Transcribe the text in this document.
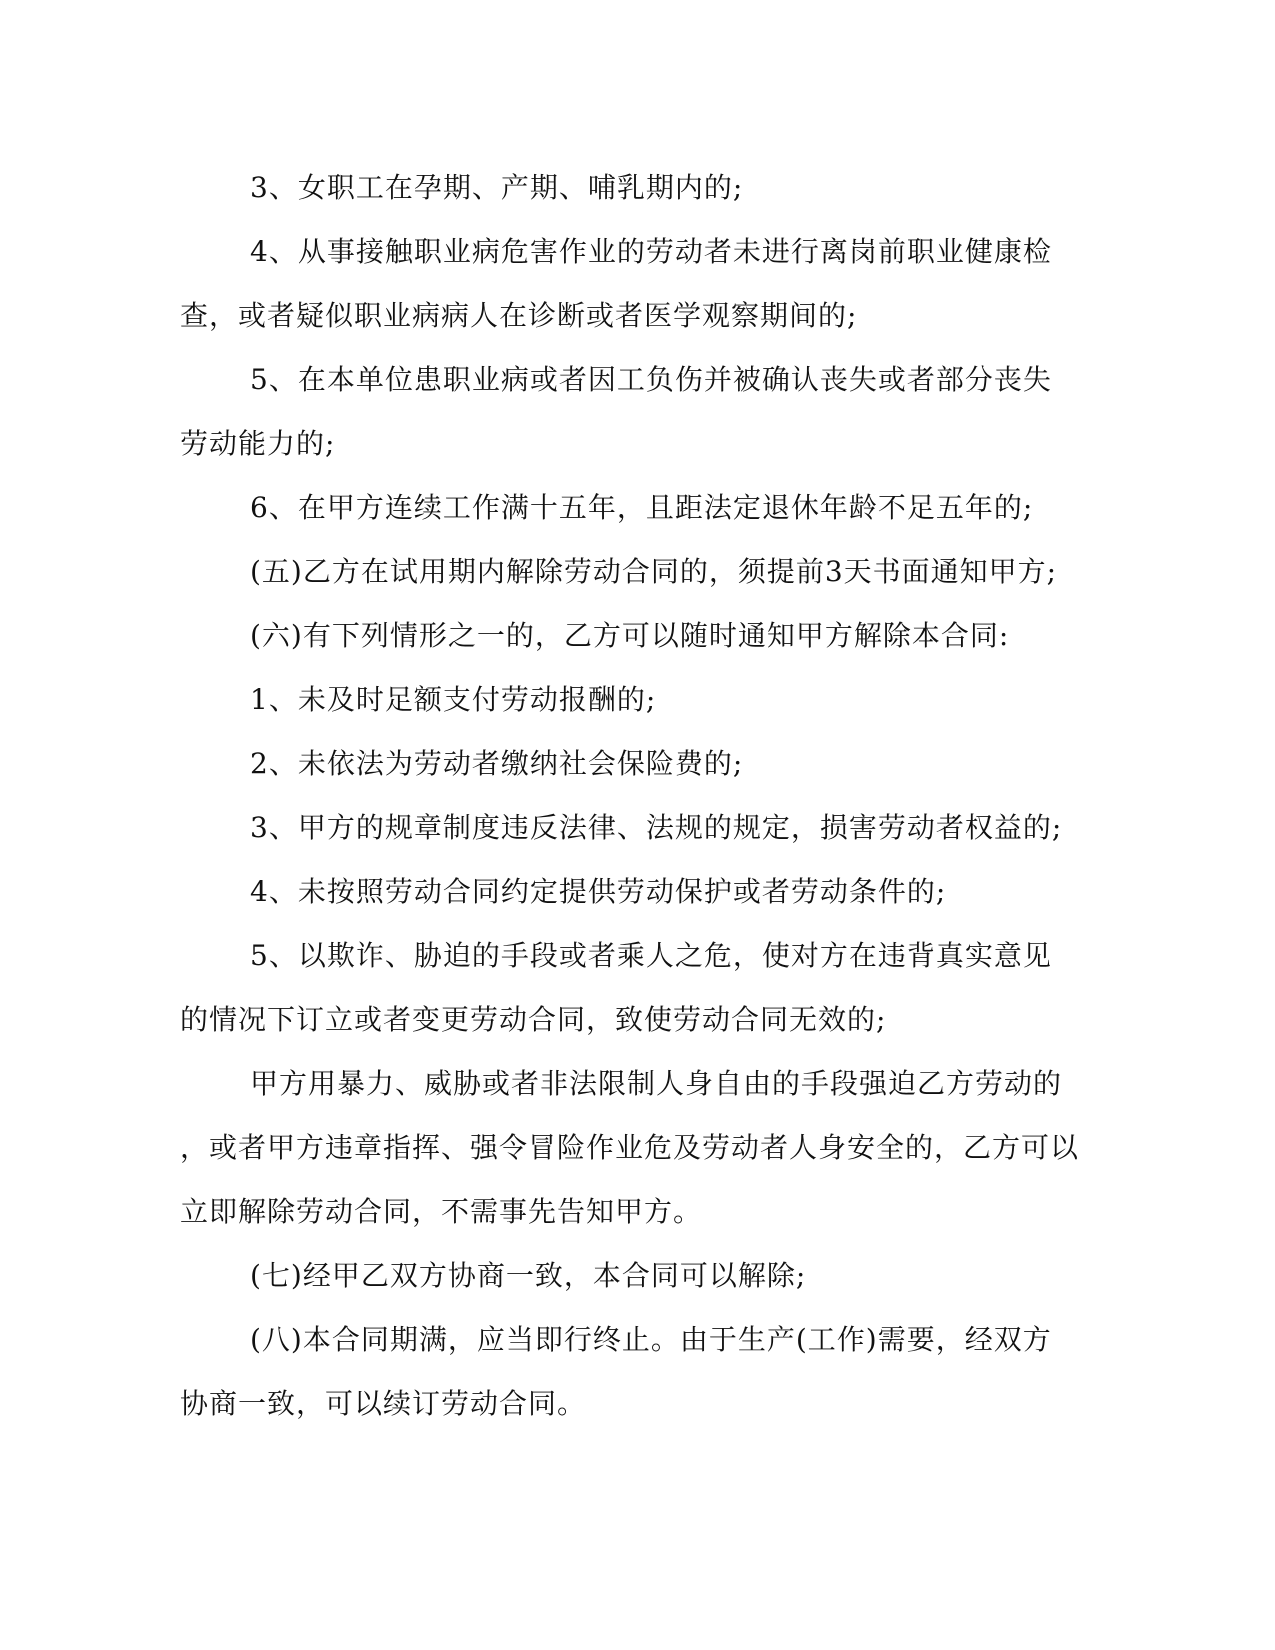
3、女职工在孕期、产期、哺乳期内的;

4、从事接触职业病危害作业的劳动者未进行离岗前职业健康检

查，或者疑似职业病病人在诊断或者医学观察期间的;

5、在本单位患职业病或者因工负伤并被确认丧失或者部分丧失

劳动能力的;

6、在甲方连续工作满十五年，且距法定退休年龄不足五年的;

(五)乙方在试用期内解除劳动合同的，须提前3天书面通知甲方;

(六)有下列情形之一的，乙方可以随时通知甲方解除本合同:

1、未及时足额支付劳动报酬的;

2、未依法为劳动者缴纳社会保险费的;

3、甲方的规章制度违反法律、法规的规定，损害劳动者权益的;

4、未按照劳动合同约定提供劳动保护或者劳动条件的;

5、以欺诈、胁迫的手段或者乘人之危，使对方在违背真实意见

的情况下订立或者变更劳动合同，致使劳动合同无效的;

甲方用暴力、威胁或者非法限制人身自由的手段强迫乙方劳动的

，或者甲方违章指挥、强令冒险作业危及劳动者人身安全的，乙方可以

立即解除劳动合同，不需事先告知甲方。

(七)经甲乙双方协商一致，本合同可以解除;

(八)本合同期满，应当即行终止。由于生产(工作)需要，经双方

协商一致，可以续订劳动合同。
